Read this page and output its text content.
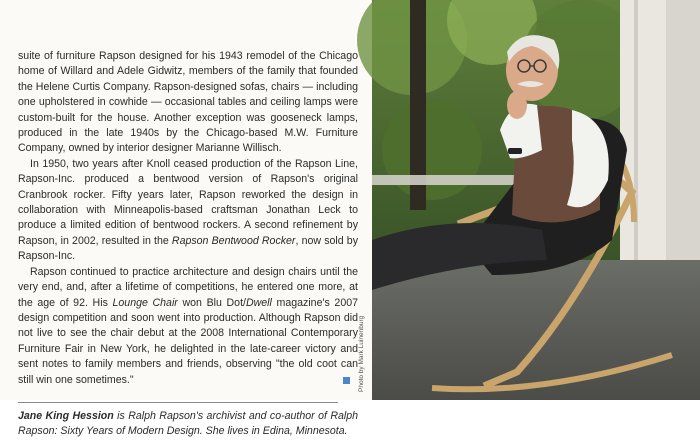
suite of furniture Rapson designed for his 1943 remodel of the Chicago home of Willard and Adele Gidwitz, members of the family that founded the Helene Curtis Company. Rapson-designed sofas, chairs — including one upholstered in cowhide — occasional tables and ceiling lamps were custom-built for the house. Another exception was gooseneck lamps, produced in the late 1940s by the Chicago-based M.W. Furniture Company, owned by interior designer Marianne Willisch.

In 1950, two years after Knoll ceased production of the Rapson Line, Rapson-Inc. produced a bentwood version of Rapson's original Cranbrook rocker. Fifty years later, Rapson reworked the design in collaboration with Minneapolis-based craftsman Jonathan Leck to produce a limited edition of bentwood rockers. A second refinement by Rapson, in 2002, resulted in the Rapson Bentwood Rocker, now sold by Rapson-Inc.

Rapson continued to practice architecture and design chairs until the very end, and, after a lifetime of competitions, he entered one more, at the age of 92. His Lounge Chair won Blu Dot/Dwell magazine's 2007 design competition and soon went into production. Although Rapson did not live to see the chair debut at the 2008 International Contemporary Furniture Fair in New York, he delighted in the late-career victory and sent notes to family members and friends, observing "the old coot can still win one sometimes."

Jane King Hession is Ralph Rapson's archivist and co-author of Ralph Rapson: Sixty Years of Modern Design. She lives in Edina, Minnesota.
Photo by Mark Luinenburg
